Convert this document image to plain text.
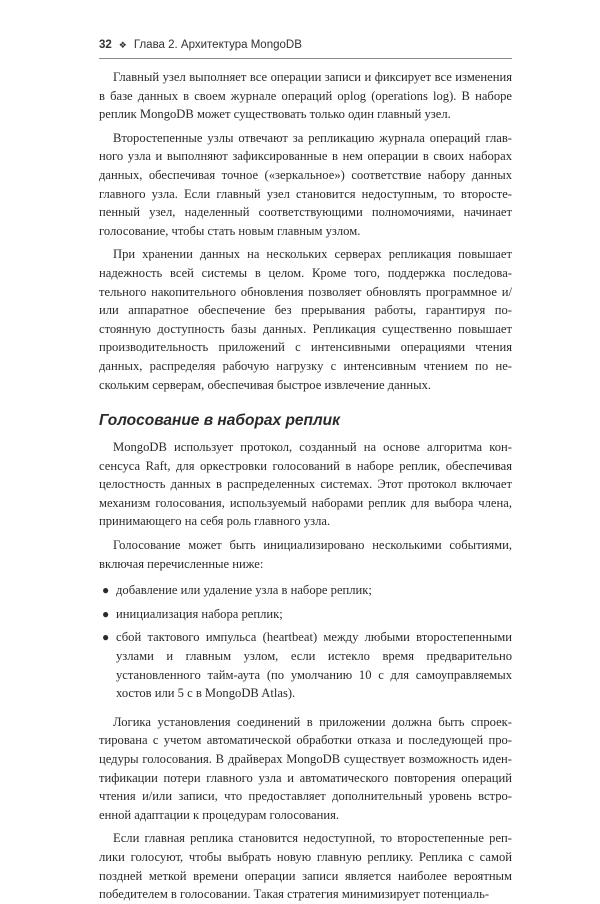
32 ❖ Глава 2. Архитектура MongoDB

Главный узел выполняет все операции записи и фиксирует все изменения в базе данных в своем журнале операций oplog (operations log). В наборе реплик MongoDB может существовать только один главный узел.

Второстепенные узлы отвечают за репликацию журнала операций главного узла и выполняют зафиксированные в нем операции в своих наборах данных, обеспечивая точное («зеркальное») соответствие набору данных главного узла. Если главный узел становится недоступным, то второстепенный узел, наделенный соответствующими полномочиями, начинает голосование, чтобы стать новым главным узлом.

При хранении данных на нескольких серверах репликация повышает надежность всей системы в целом. Кроме того, поддержка последовательного накопительного обновления позволяет обновлять программное и/или аппаратное обеспечение без прерывания работы, гарантируя постоянную доступность базы данных. Репликация существенно повышает производительность приложений с интенсивными операциями чтения данных, распределяя рабочую нагрузку с интенсивным чтением по нескольким серверам, обеспечивая быстрое извлечение данных.

Голосование в наборах реплик

MongoDB использует протокол, созданный на основе алгоритма консенсуса Raft, для оркестровки голосований в наборе реплик, обеспечивая целостность данных в распределенных системах. Этот протокол включает механизм голосования, используемый наборами реплик для выбора члена, принимающего на себя роль главного узла.

Голосование может быть инициализировано несколькими событиями, включая перечисленные ниже:

● добавление или удаление узла в наборе реплик;
● инициализация набора реплик;
● сбой тактового импульса (heartbeat) между любыми второстепенными узлами и главным узлом, если истекло время предварительно установленного тайм-аута (по умолчанию 10 с для самоуправляемых хостов или 5 с в MongoDB Atlas).

Логика установления соединений в приложении должна быть спроектирована с учетом автоматической обработки отказа и последующей процедуры голосования. В драйверах MongoDB существует возможность идентификации потери главного узла и автоматического повторения операций чтения и/или записи, что предоставляет дополнительный уровень встроенной адаптации к процедурам голосования.

Если главная реплика становится недоступной, то второстепенные реплики голосуют, чтобы выбрать новую главную реплику. Реплика с самой поздней меткой времени операции записи является наиболее вероятным победителем в голосовании. Такая стратегия минимизирует потенциаль-
